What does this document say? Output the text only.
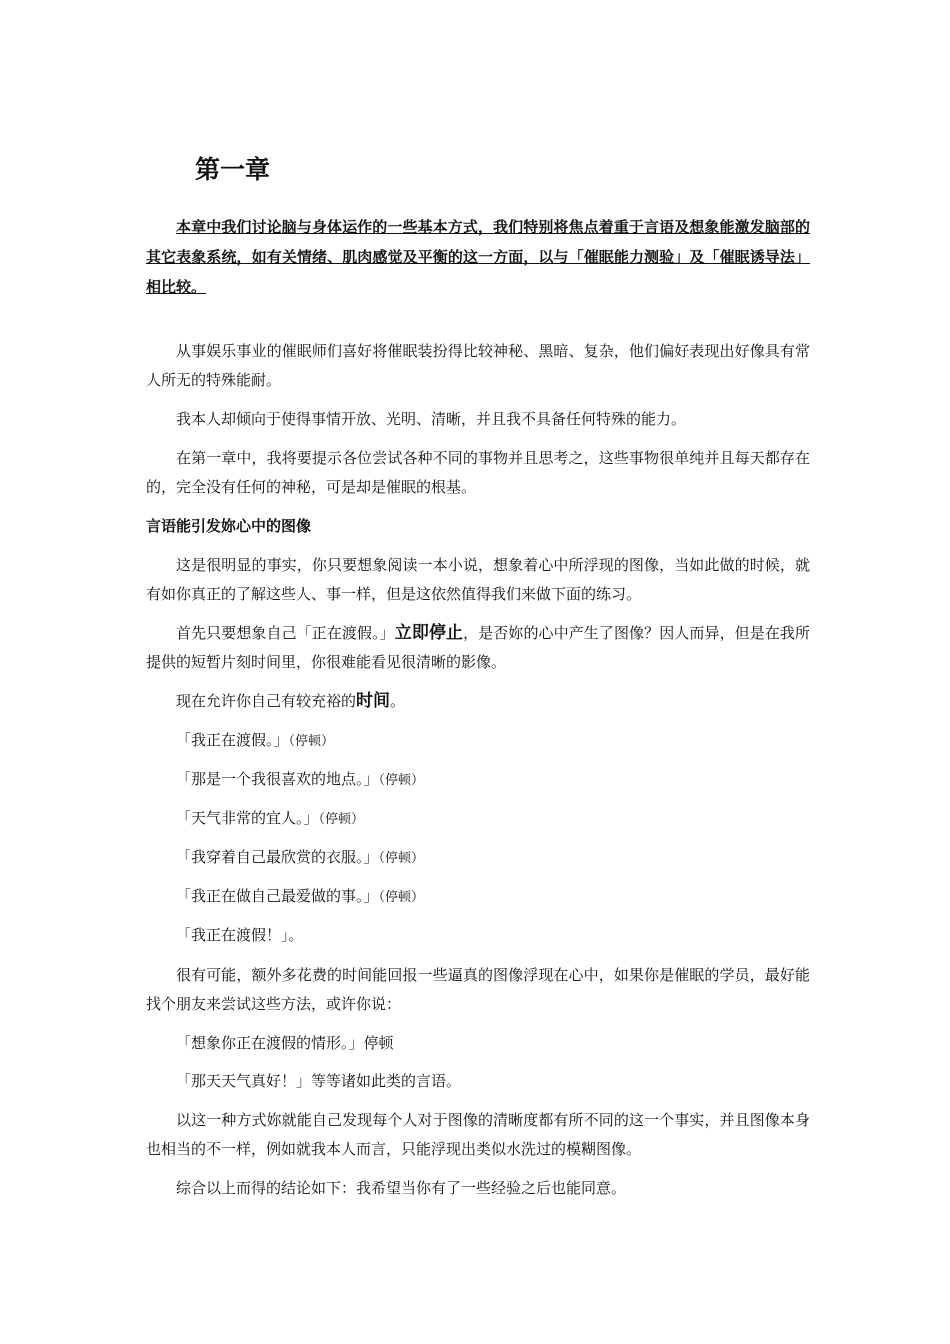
第一章

本章中我们讨论脑与身体运作的一些基本方式，我们特别将焦点着重于言语及想象能激发脑部的其它表象系统，如有关情绪、肌肉感觉及平衡的这一方面，以与「催眠能力测验」及「催眠诱导法」相比较。

从事娱乐事业的催眠师们喜好将催眠装扮得比较神秘、黑暗、复杂，他们偏好表现出好像具有常人所无的特殊能耐。

我本人却倾向于使得事情开放、光明、清晰，并且我不具备任何特殊的能力。

在第一章中，我将要提示各位尝试各种不同的事物并且思考之，这些事物很单纯并且每天都存在的，完全没有任何的神秘，可是却是催眠的根基。

言语能引发妳心中的图像

这是很明显的事实，你只要想象阅读一本小说，想象着心中所浮现的图像，当如此做的时候，就有如你真正的了解这些人、事一样，但是这依然值得我们来做下面的练习。

首先只要想象自己「正在渡假。」立即停止，是否妳的心中产生了图像？因人而异，但是在我所提供的短暂片刻时间里，你很难能看见很清晰的影像。

现在允许你自己有较充裕的时间。

「我正在渡假。」（停顿）

「那是一个我很喜欢的地点。」（停顿）

「天气非常的宜人。」（停顿）

「我穿着自己最欣赏的衣服。」（停顿）

「我正在做自己最爱做的事。」（停顿）

「我正在渡假！」。

很有可能，额外多花费的时间能回报一些逼真的图像浮现在心中，如果你是催眠的学员，最好能找个朋友来尝试这些方法，或许你说：

「想象你正在渡假的情形。」停顿

「那天天气真好！」等等诸如此类的言语。

以这一种方式妳就能自己发现每个人对于图像的清晰度都有所不同的这一个事实，并且图像本身也相当的不一样，例如就我本人而言，只能浮现出类似水洗过的模糊图像。

综合以上而得的结论如下：我希望当你有了一些经验之后也能同意。
